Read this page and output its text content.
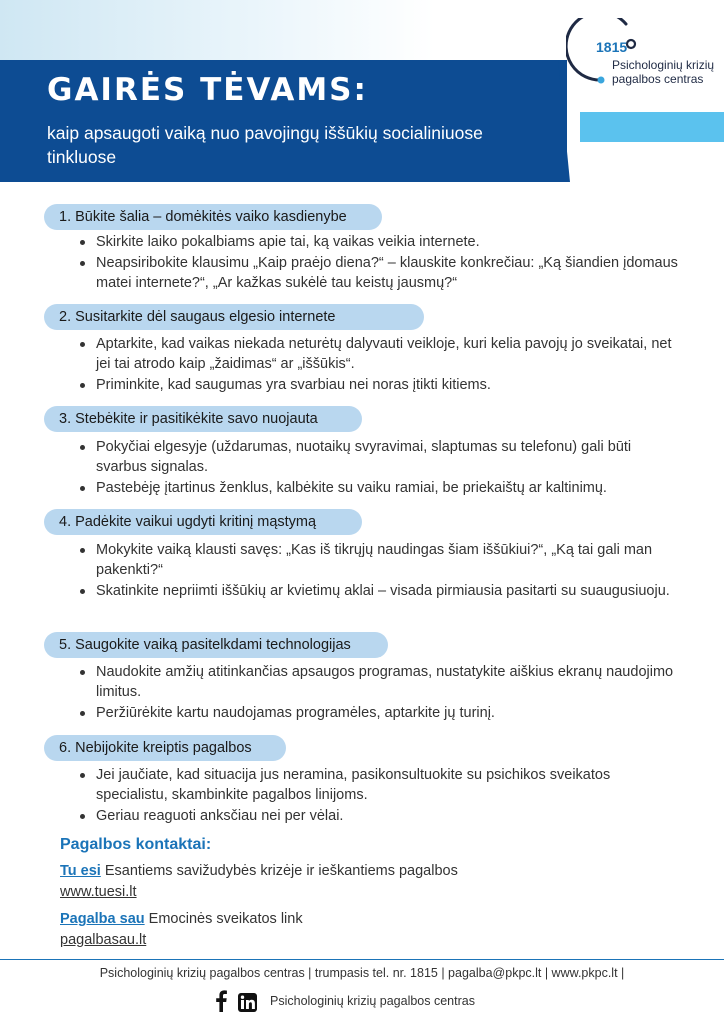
GAIRĖS TĖVAMS:
kaip apsaugoti vaiką nuo pavojingų iššūkių socialiniuose tinkluose
1815
Psichologinių krizių pagalbos centras
1. Būkite šalia – domėkitės vaiko kasdienybe
Skirkite laiko pokalbiams apie tai, ką vaikas veikia internete.
Neapsiribokite klausimu „Kaip praėjo diena?“ – klauskite konkrečiau: „Ką šiandien įdomaus matei internete?“, „Ar kažkas sukėlė tau keistų jausmų?“
2. Susitarkite dėl saugaus elgesio internete
Aptarkite, kad vaikas niekada neturėtų dalyvauti veikloje, kuri kelia pavojų jo sveikatai, net jei tai atrodo kaip „žaidimas“ ar „iššūkis“.
Priminkite, kad saugumas yra svarbiau nei noras įtikti kitiems.
3. Stebėkite ir pasitikėkite savo nuojauta
Pokyčiai elgesyje (uždarumas, nuotaikų svyravimai, slaptumas su telefonu) gali būti svarbus signalas.
Pastebėję įtartinus ženklus, kalbėkite su vaiku ramiai, be priekaištų ar kaltinimų.
4. Padėkite vaikui ugdyti kritinį mąstymą
Mokykite vaiką klausti savęs: „Kas iš tikrųjų naudingas šiam iššūkiui?“, „Ką tai gali man pakenkti?“
Skatinkite nepriimti iššūkių ar kvietimų aklai – visada pirmiausia pasitarti su suaugusiuoju.
5. Saugokite vaiką pasitelkdami technologijas
Naudokite amžių atitinkančias apsaugos programas, nustatykite aiškius ekranų naudojimo limitus.
Peržiūrėkite kartu naudojamas programėles, aptarkite jų turinį.
6. Nebijokite kreiptis pagalbos
Jei jaučiate, kad situacija jus neramina, pasikonsultuokite su psichikos sveikatos specialistu, skambinkite pagalbos linijoms.
Geriau reaguoti anksčiau nei per vėlai.
Pagalbos kontaktai:
Tu esi Esantiems savižudybės krizėje ir ieškantiems pagalbos
www.tuesi.lt
Pagalba sau Emocinės sveikatos link
pagalbasau.lt
Psichologinių krizių pagalbos centras | trumpasis tel. nr. 1815 | pagalba@pkpc.lt | www.pkpc.lt |
Psichologinių krizių pagalbos centras
